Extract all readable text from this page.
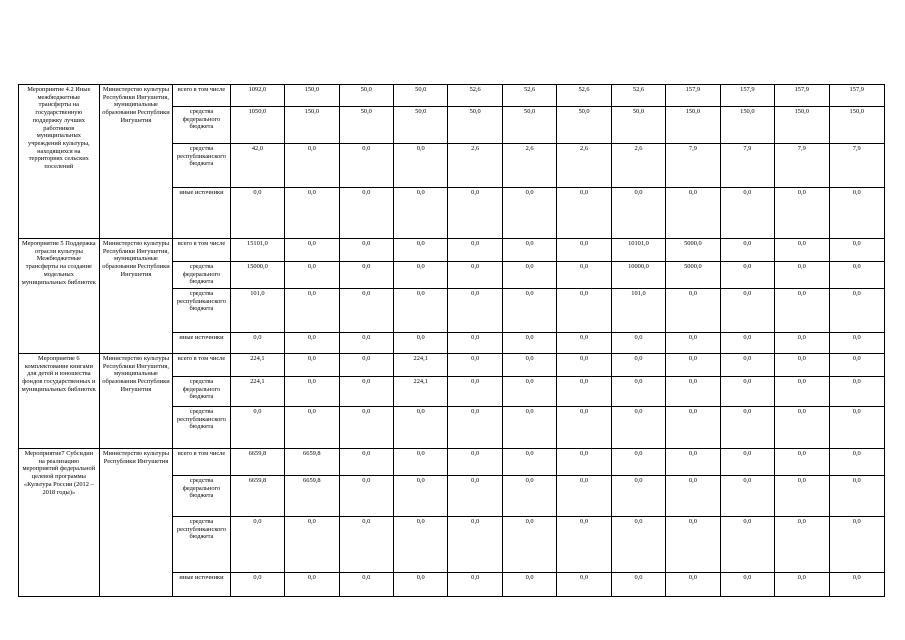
Мероприятие 4.2 Иные межбюджетные трансферты на государственную поддержку лучших работников муниципальных учреждений культуры, находящихся на территориях сельских поселений	Министерство культуры Республики Ингушетия, муниципальные образования Республики Ингушетия	всего в том числе	1092,0	150,0	50,0	50,0	52,6	52,6	52,6	52,6	157,9	157,9	157,9	157,9
		средства федерального бюджета	1050,0	150,0	50,0	50,0	50,0	50,0	50,0	50,0	150,0	150,0	150,0	150,0
		средства республиканского бюджета	42,0	0,0	0,0	0,0	2,6	2,6	2,6	2,6	7,9	7,9	7,9	7,9
		иные источники	0,0	0,0	0,0	0,0	0,0	0,0	0,0	0,0	0,0	0,0	0,0	0,0
Мероприятие 5 Поддержка отрасли культуры Межбюджетные трансферты на создание модельных муниципальных библиотек	Министерство культуры Республики Ингушетия, муниципальные образования Республики Ингушетия	всего в том числе	15101,0	0,0	0,0	0,0	0,0	0,0	0,0	10101,0	5000,0	0,0	0,0	0,0
		средства федерального бюджета	15000,0	0,0	0,0	0,0	0,0	0,0	0,0	10000,0	5000,0	0,0	0,0	0,0
		средства республиканского бюджета	101,0	0,0	0,0	0,0	0,0	0,0	0,0	101,0	0,0	0,0	0,0	0,0
		иные источники	0,0	0,0	0,0	0,0	0,0	0,0	0,0	0,0	0,0	0,0	0,0	0,0
Мероприятие 6 комплектование книгами для детей и юношества фондов государственных и муниципальных библиотек	Министерство культуры Республики Ингушетия, муниципальные образования Республики Ингушетия	всего в том числе	224,1	0,0	0,0	224,1	0,0	0,0	0,0	0,0	0,0	0,0	0,0	0,0
		средства федерального бюджета	224,1	0,0	0,0	224,1	0,0	0,0	0,0	0,0	0,0	0,0	0,0	0,0
		средства республиканского бюджета	0,0	0,0	0,0	0,0	0,0	0,0	0,0	0,0	0,0	0,0	0,0	0,0
Мероприятие7 Субсидии на реализацию мероприятий федеральной целевой программы «Культура России (2012 – 2018 годы)»	Министерство культуры Республики Ингушетия	всего в том числе	6659,8	6659,8	0,0	0,0	0,0	0,0	0,0	0,0	0,0	0,0	0,0	0,0
		средства федерального бюджета	6659,8	6659,8	0,0	0,0	0,0	0,0	0,0	0,0	0,0	0,0	0,0	0,0
		средства республиканского бюджета	0,0	0,0	0,0	0,0	0,0	0,0	0,0	0,0	0,0	0,0	0,0	0,0
		иные источники	0,0	0,0	0,0	0,0	0,0	0,0	0,0	0,0	0,0	0,0	0,0	0,0
